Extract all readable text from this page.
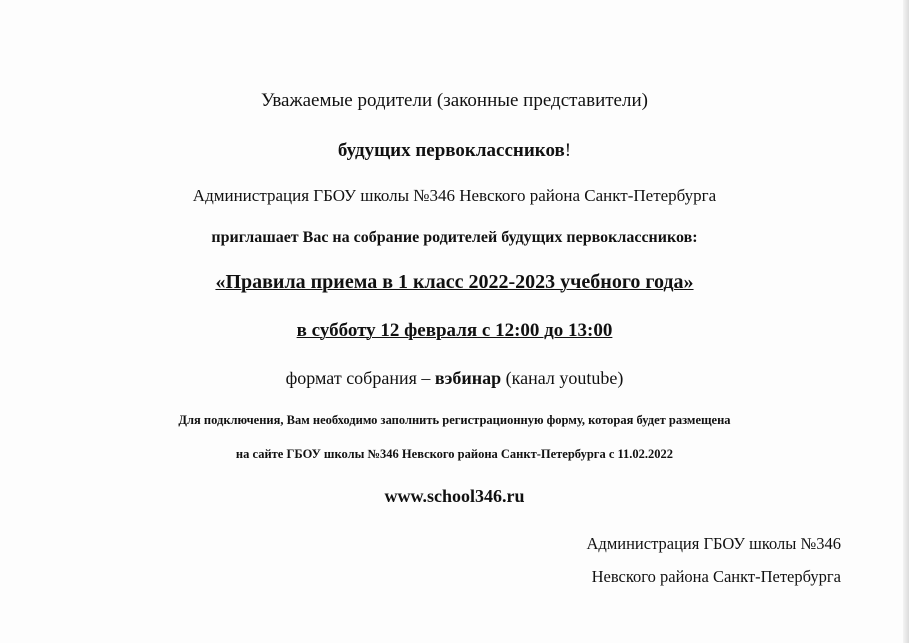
Уважаемые родители (законные представители)
будущих первоклассников!
Администрация ГБОУ школы №346 Невского района Санкт-Петербурга
приглашает Вас на собрание родителей будущих первоклассников:
«Правила приема в 1 класс 2022-2023 учебного года»
в субботу 12 февраля с 12:00 до 13:00
формат собрания – вэбинар (канал youtube)
Для подключения, Вам необходимо заполнить регистрационную форму, которая будет размещена
на сайте ГБОУ школы №346 Невского района Санкт-Петербурга с 11.02.2022
www.school346.ru
Администрация ГБОУ школы №346
Невского района Санкт-Петербурга
